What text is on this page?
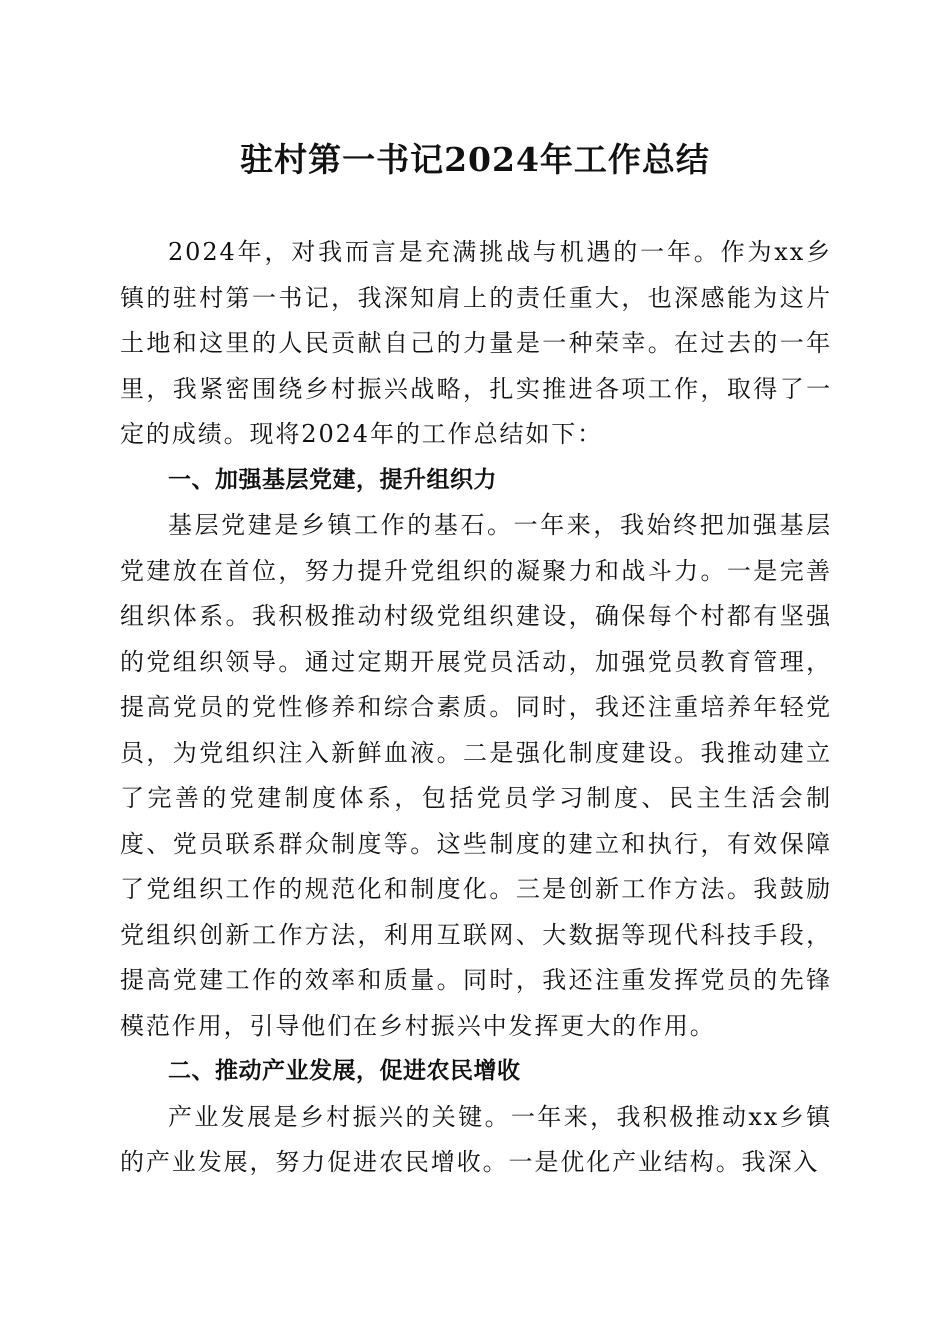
驻村第一书记2024年工作总结

2024年，对我而言是充满挑战与机遇的一年。作为xx乡镇的驻村第一书记，我深知肩上的责任重大，也深感能为这片土地和这里的人民贡献自己的力量是一种荣幸。在过去的一年里，我紧密围绕乡村振兴战略，扎实推进各项工作，取得了一定的成绩。现将2024年的工作总结如下：

一、加强基层党建，提升组织力

基层党建是乡镇工作的基石。一年来，我始终把加强基层党建放在首位，努力提升党组织的凝聚力和战斗力。一是完善组织体系。我积极推动村级党组织建设，确保每个村都有坚强的党组织领导。通过定期开展党员活动，加强党员教育管理，提高党员的党性修养和综合素质。同时，我还注重培养年轻党员，为党组织注入新鲜血液。二是强化制度建设。我推动建立了完善的党建制度体系，包括党员学习制度、民主生活会制度、党员联系群众制度等。这些制度的建立和执行，有效保障了党组织工作的规范化和制度化。三是创新工作方法。我鼓励党组织创新工作方法，利用互联网、大数据等现代科技手段，提高党建工作的效率和质量。同时，我还注重发挥党员的先锋模范作用，引导他们在乡村振兴中发挥更大的作用。

二、推动产业发展，促进农民增收

产业发展是乡村振兴的关键。一年来，我积极推动xx乡镇的产业发展，努力促进农民增收。一是优化产业结构。我深入
